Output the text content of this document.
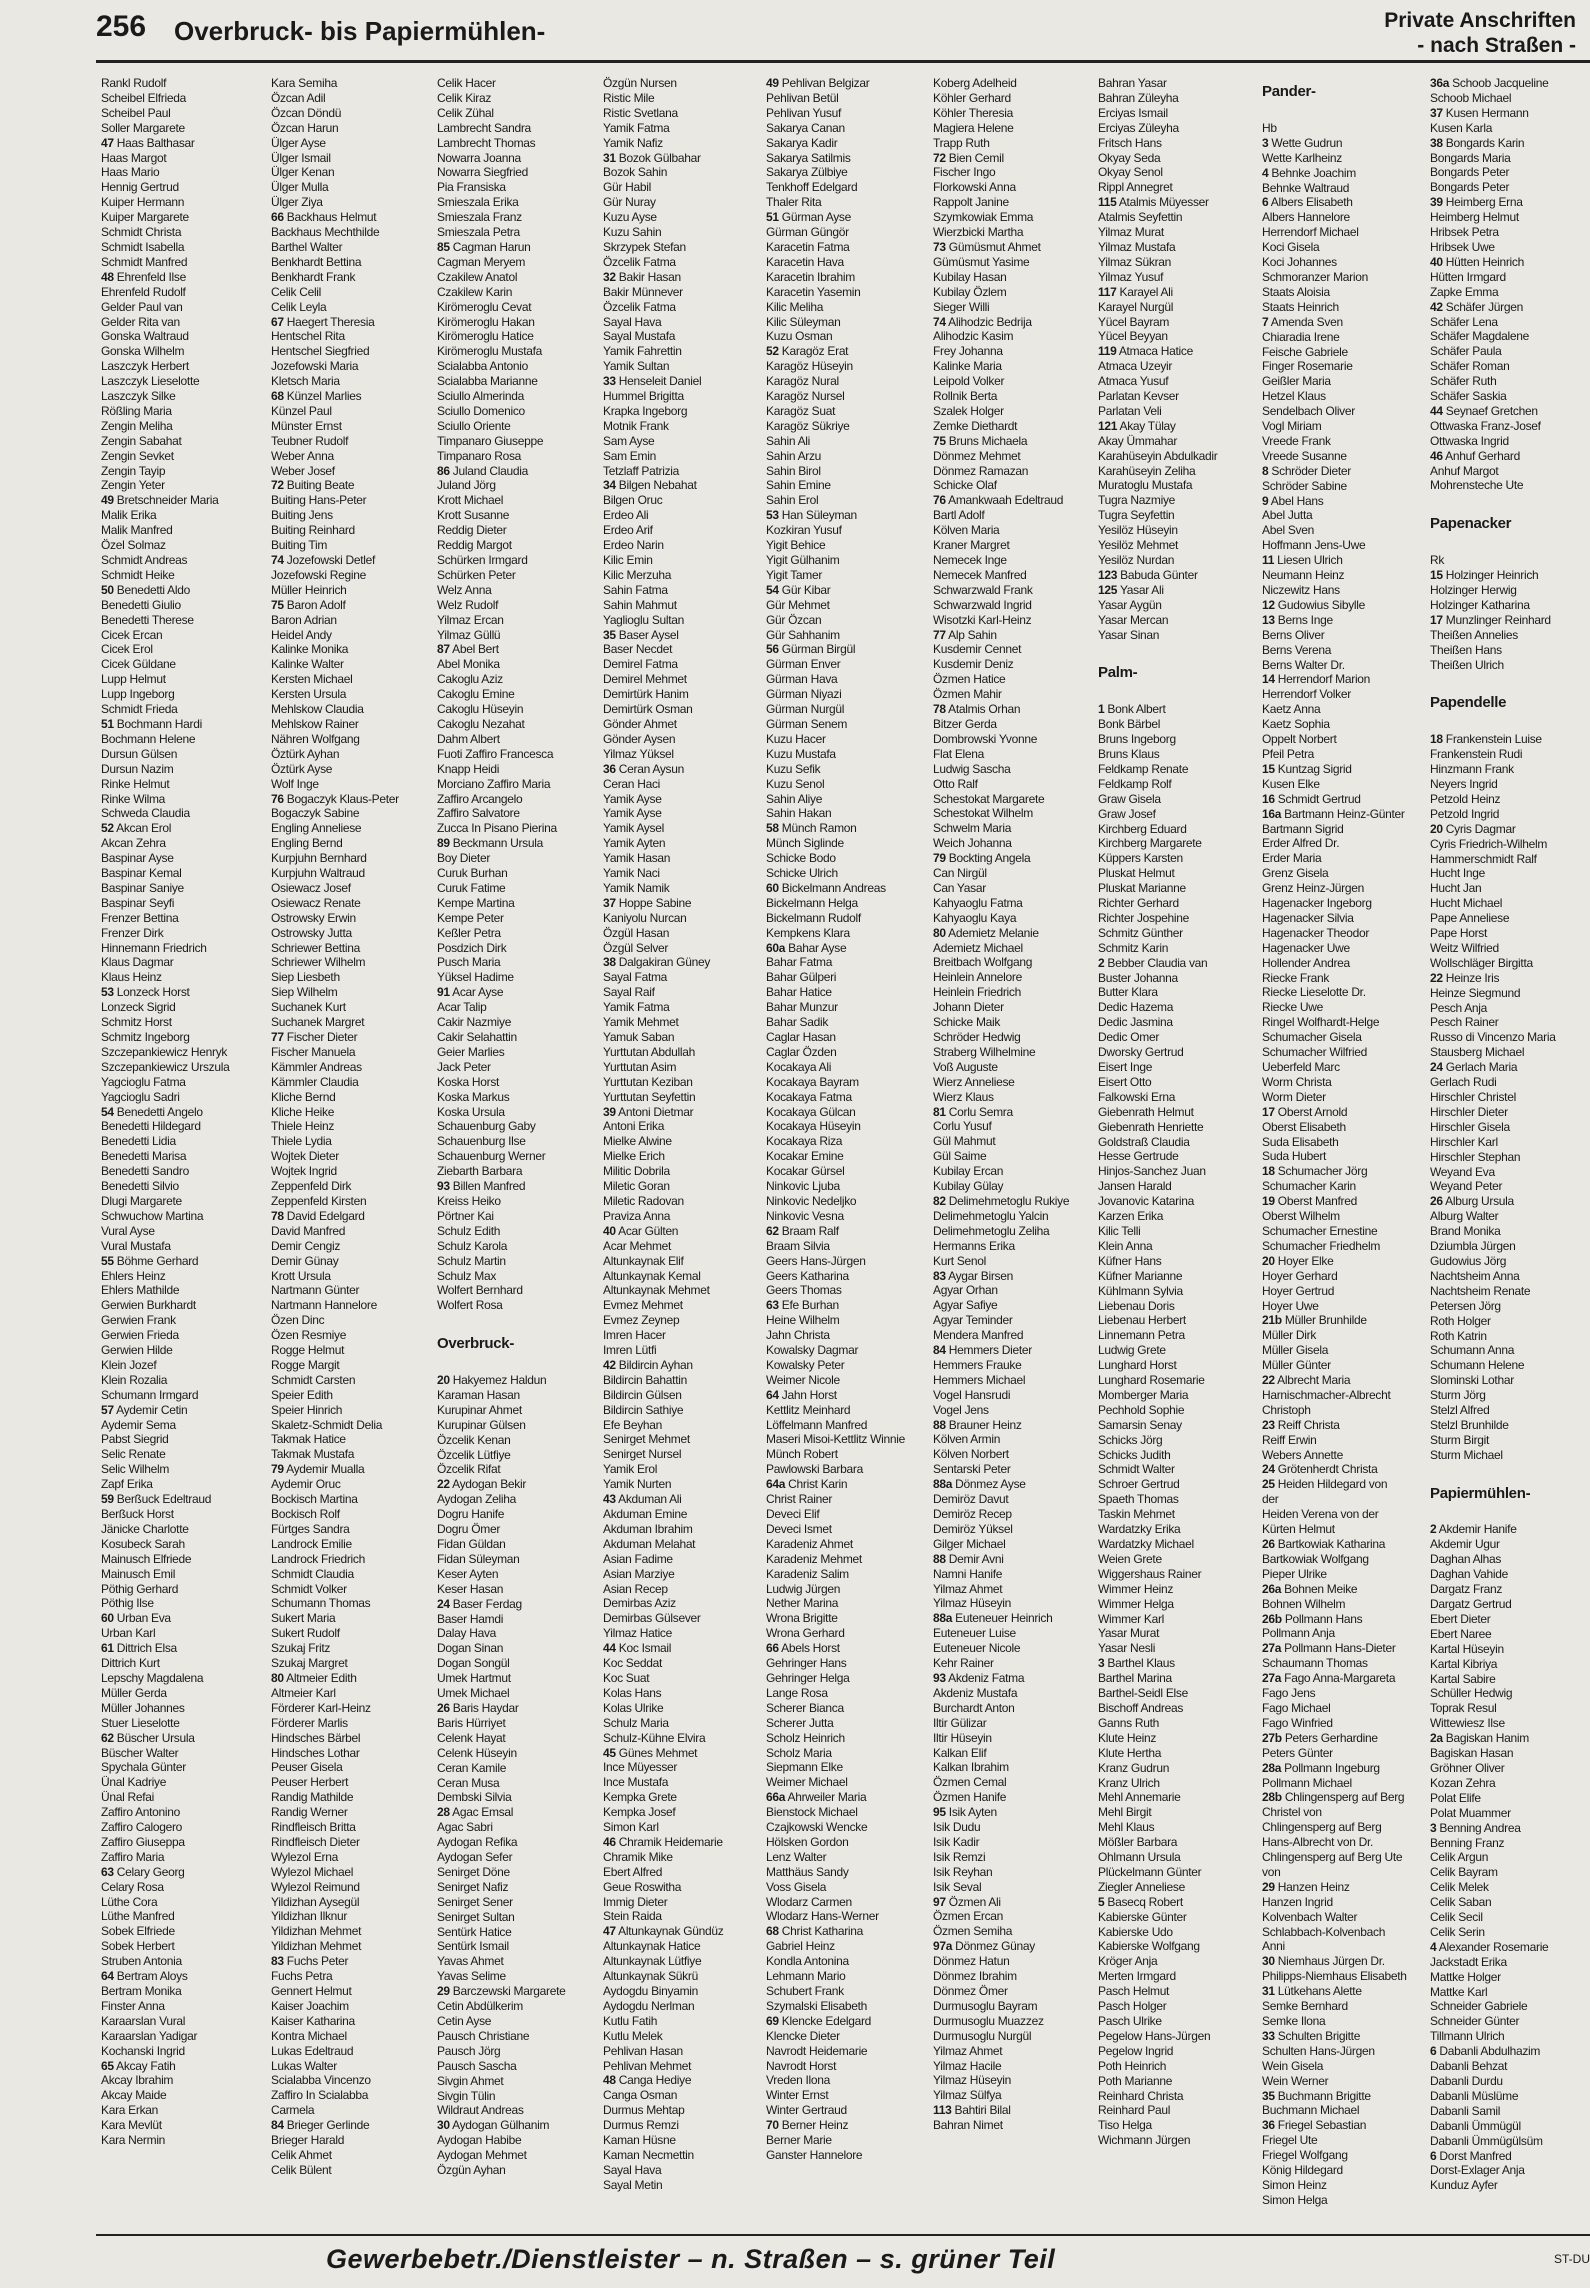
256 Overbruck- bis Papiermühlen-	Private Anschriften
- nach Straßen -
Rankl Rudolf
Scheibel Elfrieda
Scheibel Paul
Soller Margarete
47 Haas Balthasar
Haas Margot
Haas Mario
Hennig Gertrud
Kuiper Hermann
Kuiper Margarete
Schmidt Christa
Schmidt Isabella
Schmidt Manfred
48 Ehrenfeld Ilse
Ehrenfeld Rudolf
Gelder Paul van
Gelder Rita van
Gonska Waltraud
Gonska Wilhelm
Laszczyk Herbert
Laszczyk Lieselotte
Laszczyk Silke
Rößling Maria
Zengin Meliha
Zengin Sabahat
Zengin Sevket
Zengin Tayip
Zengin Yeter
49 Bretschneider Maria
Malik Erika
Malik Manfred
Özel Solmaz
Schmidt Andreas
Schmidt Heike
50 Benedetti Aldo
Benedetti Giulio
Benedetti Therese
Cicek Ercan
Cicek Erol
Cicek Güldane
Lupp Helmut
Lupp Ingeborg
Schmidt Frieda
51 Bochmann Hardi
Bochmann Helene
Dursun Gülsen
Dursun Nazim
Rinke Helmut
Rinke Wilma
Schweda Claudia
52 Akcan Erol
Akcan Zehra
Baspinar Ayse
Baspinar Kemal
Baspinar Saniye
Baspinar Seyfi
Frenzer Bettina
Frenzer Dirk
Hinnemann Friedrich
Klaus Dagmar
Klaus Heinz
53 Lonzeck Horst
Lonzeck Sigrid
Schmitz Horst
Schmitz Ingeborg
Szczepankiewicz Henryk
Szczepankiewicz Urszula
Yagcioglu Fatma
Yagcioglu Sadri
54 Benedetti Angelo
Benedetti Hildegard
Benedetti Lidia
Benedetti Marisa
Benedetti Sandro
Benedetti Silvio
Dlugi Margarete
Schwuchow Martina
Vural Ayse
Vural Mustafa
55 Böhme Gerhard
Ehlers Heinz
Ehlers Mathilde
Gerwien Burkhardt
Gerwien Frank
Gerwien Frieda
Gerwien Hilde
Klein Jozef
Klein Rozalia
Schumann Irmgard
57 Aydemir Cetin
Aydemir Sema
Pabst Siegrid
Selic Renate
Selic Wilhelm
Zapf Erika
59 Berßuck Edeltraud
Berßuck Horst
Jänicke Charlotte
Kosubeck Sarah
Mainusch Elfriede
Mainusch Emil
Pöthig Gerhard
Pöthig Ilse
60 Urban Eva
Urban Karl
61 Dittrich Elsa
Dittrich Kurt
Lepschy Magdalena
Müller Gerda
Müller Johannes
Stuer Lieselotte
62 Büscher Ursula
Büscher Walter
Spychala Günter
Ünal Kadriye
Ünal Refai
Zaffiro Antonino
Zaffiro Calogero
Zaffiro Giuseppa
Zaffiro Maria
63 Celary Georg
Celary Rosa
Lüthe Cora
Lüthe Manfred
Sobek Elfriede
Sobek Herbert
Struben Antonia
64 Bertram Aloys
Bertram Monika
Finster Anna
Karaarslan Vural
Karaarslan Yadigar
Kochanski Ingrid
65 Akcay Fatih
Akcay Ibrahim
Akcay Maide
Kara Erkan
Kara Mevlüt
Kara Nermin
Kara Semiha
Özcan Adil
Özcan Döndü
Özcan Harun
Ülger Ayse
Ülger Ismail
Ülger Kenan
Ülger Mulla
Ülger Ziya
66 Backhaus Helmut
Backhaus Mechthilde
Barthel Walter
Benkhardt Bettina
Benkhardt Frank
Celik Celil
Celik Leyla
67 Haegert Theresia
Hentschel Rita
Hentschel Siegfried
Jozefowski Maria
Kletsch Maria
68 Künzel Marlies
Künzel Paul
Münster Ernst
Teubner Rudolf
Weber Anna
Weber Josef
72 Buiting Beate
Buiting Hans-Peter
Buiting Jens
Buiting Reinhard
Buiting Tim
74 Jozefowski Detlef
Jozefowski Regine
Müller Heinrich
75 Baron Adolf
Baron Adrian
Heidel Andy
Kalinke Monika
Kalinke Walter
Kersten Michael
Kersten Ursula
Mehlskow Claudia
Mehlskow Rainer
Nähren Wolfgang
Öztürk Ayhan
Öztürk Ayse
Wolf Inge
76 Bogaczyk Klaus-Peter
Bogaczyk Sabine
Engling Anneliese
Engling Bernd
Kurpjuhn Bernhard
Kurpjuhn Waltraud
Osiewacz Josef
Osiewacz Renate
Ostrowsky Erwin
Ostrowsky Jutta
Schriewer Bettina
Schriewer Wilhelm
Siep Liesbeth
Siep Wilhelm
Suchanek Kurt
Suchanek Margret
77 Fischer Dieter
Fischer Manuela
Kämmler Andreas
Kämmler Claudia
Kliche Bernd
Kliche Heike
Thiele Heinz
Thiele Lydia
Wojtek Dieter
Wojtek Ingrid
Zeppenfeld Dirk
Zeppenfeld Kirsten
78 David Edelgard
David Manfred
Demir Cengiz
Demir Günay
Krott Ursula
Nartmann Günter
Nartmann Hannelore
Özen Dinc
Özen Resmiye
Rogge Helmut
Rogge Margit
Schmidt Carsten
Speier Edith
Speier Hinrich
Skaletz-Schmidt Delia
Takmak Hatice
Takmak Mustafa
79 Aydemir Mualla
Aydemir Oruc
Bockisch Martina
Bockisch Rolf
Fürtges Sandra
Landrock Emilie
Landrock Friedrich
Schmidt Claudia
Schmidt Volker
Schumann Thomas
Sukert Maria
Sukert Rudolf
Szukaj Fritz
Szukaj Margret
80 Altmeier Edith
Altmeier Karl
Förderer Karl-Heinz
Förderer Marlis
Hindsches Bärbel
Hindsches Lothar
Peuser Gisela
Peuser Herbert
Randig Mathilde
Randig Werner
Rindfleisch Britta
Rindfleisch Dieter
Wylezol Erna
Wylezol Michael
Wylezol Reimund
Yildizhan Aysegül
Yildizhan Ilknur
Yildizhan Mehmet
Yildizhan Mehmet
83 Fuchs Peter
Fuchs Petra
Gennert Helmut
Kaiser Joachim
Kaiser Katharina
Kontra Michael
Lukas Edeltraud
Lukas Walter
Scialabba Vincenzo
Zaffiro In Scialabba
Carmela
84 Brieger Gerlinde
Brieger Harald
Celik Ahmet
Celik Bülent
Celik Hacer
Celik Kiraz
Celik Zühal
Lambrecht Sandra
Lambrecht Thomas
Nowarra Joanna
Nowarra Siegfried
Pia Fransiska
Smieszala Erika
Smieszala Franz
Smieszala Petra
85 Cagman Harun
Cagman Meryem
Czakilew Anatol
Czakilew Karin
Kirömeroglu Cevat
Kirömeroglu Hakan
Kirömeroglu Hatice
Kirömeroglu Mustafa
Scialabba Antonio
Scialabba Marianne
Sciullo Almerinda
Sciullo Domenico
Sciullo Oriente
Timpanaro Giuseppe
Timpanaro Rosa
86 Juland Claudia
Juland Jörg
Krott Michael
Krott Susanne
Reddig Dieter
Reddig Margot
Schürken Irmgard
Schürken Peter
Welz Anna
Welz Rudolf
Yilmaz Ercan
Yilmaz Güllü
87 Abel Bert
Abel Monika
Cakoglu Aziz
Cakoglu Emine
Cakoglu Hüseyin
Cakoglu Nezahat
Dahm Albert
Fuoti Zaffiro Francesca
Knapp Heidi
Morciano Zaffiro Maria
Zaffiro Arcangelo
Zaffiro Salvatore
Zucca In Pisano Pierina
89 Beckmann Ursula
Boy Dieter
Curuk Burhan
Curuk Fatime
Kempe Martina
Kempe Peter
Keßler Petra
Posdzich Dirk
Pusch Maria
Yüksel Hadime
91 Acar Ayse
Acar Talip
Cakir Nazmiye
Cakir Selahattin
Geier Marlies
Jack Peter
Koska Horst
Koska Markus
Koska Ursula
Schauenburg Gaby
Schauenburg Ilse
Schauenburg Werner
Ziebarth Barbara
93 Billen Manfred
Kreiss Heiko
Pörtner Kai
Schulz Edith
Schulz Karola
Schulz Martin
Schulz Max
Wolfert Bernhard
Wolfert Rosa

Overbruck-

20 Hakyemez Haldun
Karaman Hasan
Kurupinar Ahmet
Kurupinar Gülsen
Özcelik Kenan
Özcelik Lütfiye
Özcelik Rifat
22 Aydogan Bekir
Aydogan Zeliha
Dogru Hanife
Dogru Ömer
Fidan Güldan
Fidan Süleyman
Keser Ayten
Keser Hasan
24 Baser Ferdag
Baser Hamdi
Dalay Hava
Dogan Sinan
Dogan Songül
Umek Hartmut
Umek Michael
26 Baris Haydar
Baris Hürriyet
Celenk Hayat
Celenk Hüseyin
Ceran Kamile
Ceran Musa
Dembski Silvia
28 Agac Emsal
Agac Sabri
Aydogan Refika
Aydogan Sefer
Senirget Döne
Senirget Nafiz
Senirget Sener
Senirget Sultan
Sentürk Hatice
Sentürk Ismail
Yavas Ahmet
Yavas Selime
29 Barczewski Margarete
Cetin Abdülkerim
Cetin Ayse
Pausch Christiane
Pausch Jörg
Pausch Sascha
Sivgin Ahmet
Sivgin Tülin
Wildraut Andreas
30 Aydogan Gülhanim
Aydogan Habibe
Aydogan Mehmet
Özgün Ayhan
Özgün Nursen
Ristic Mile
Ristic Svetlana
Yamik Fatma
Yamik Nafiz
31 Bozok Gülbahar
Bozok Sahin
Gür Habil
Gür Nuray
Kuzu Ayse
Kuzu Sahin
Skrzypek Stefan
Özcelik Fatma
32 Bakir Hasan
Bakir Münnever
Özcelik Fatma
Sayal Hava
Sayal Mustafa
Yamik Fahrettin
Yamik Sultan
33 Henseleit Daniel
Hummel Brigitta
Krapka Ingeborg
Motnik Frank
Sam Ayse
Sam Emin
Tetzlaff Patrizia
34 Bilgen Nebahat
Bilgen Oruc
Erdeo Ali
Erdeo Arif
Erdeo Narin
Kilic Emin
Kilic Merzuha
Sahin Fatma
Sahin Mahmut
Yaglioglu Sultan
35 Baser Aysel
Baser Necdet
Demirel Fatma
Demirel Mehmet
Demirtürk Hanim
Demirtürk Osman
Gönder Ahmet
Gönder Aysen
Yilmaz Yüksel
36 Ceran Aysun
Ceran Haci
Yamik Ayse
Yamik Ayse
Yamik Aysel
Yamik Ayten
Yamik Hasan
Yamik Naci
Yamik Namik
37 Hoppe Sabine
Kaniyolu Nurcan
Özgül Hasan
Özgül Selver
38 Dalgakiran Güney
Sayal Fatma
Sayal Raif
Yamik Fatma
Yamik Mehmet
Yamuk Saban
Yurttutan Abdullah
Yurttutan Asim
Yurttutan Keziban
Yurttutan Seyfettin
39 Antoni Dietmar
Antoni Erika
Mielke Alwine
Mielke Erich
Militic Dobrila
Miletic Goran
Miletic Radovan
Praviza Anna
40 Acar Gülten
Acar Mehmet
Altunkaynak Elif
Altunkaynak Kemal
Altunkaynak Mehmet
Evmez Mehmet
Evmez Zeynep
Imren Hacer
Imren Lütfi
42 Bildircin Ayhan
Bildircin Bahattin
Bildircin Gülsen
Bildircin Sathiye
Efe Beyhan
Senirget Mehmet
Senirget Nursel
Yamik Erol
Yamik Nurten
43 Akduman Ali
Akduman Emine
Akduman Ibrahim
Akduman Melahat
Asian Fadime
Asian Marziye
Asian Recep
Demirbas Aziz
Demirbas Gülsever
Yilmaz Hatice
44 Koc Ismail
Koc Seddat
Koc Suat
Kolas Hans
Kolas Ulrike
Schulz Maria
Schulz-Kühne Elvira
45 Günes Mehmet
Ince Müyesser
Ince Mustafa
Kempka Grete
Kempka Josef
Simon Karl
46 Chramik Heidemarie
Chramik Mike
Ebert Alfred
Geue Roswitha
Immig Dieter
Stein Raida
47 Altunkaynak Gündüz
Altunkaynak Hatice
Altunkaynak Lütfiye
Altunkaynak Sükrü
Aydogdu Binyamin
Aydogdu Nerlman
Kutlu Fatih
Kutlu Melek
Pehlivan Hasan
Pehlivan Mehmet
48 Canga Hediye
Canga Osman
Durmus Mehtap
Durmus Remzi
Kaman Hüsne
Kaman Necmettin
Sayal Hava
Sayal Metin
49 Pehlivan Belgizar
Pehlivan Betül
Pehlivan Yusuf
Sakarya Canan
Sakarya Kadir
Sakarya Satilmis
Sakarya Zülbiye
Tenkhoff Edelgard
Thaler Rita
51 Gürman Ayse
Gürman Güngör
Karacetin Fatma
Karacetin Hava
Karacetin Ibrahim
Karacetin Yasemin
Kilic Meliha
Kilic Süleyman
Kuzu Osman
52 Karagöz Erat
Karagöz Hüseyin
Karagöz Nural
Karagöz Nursel
Karagöz Suat
Karagöz Sükriye
Sahin Ali
Sahin Arzu
Sahin Birol
Sahin Emine
Sahin Erol
53 Han Süleyman
Kozkiran Yusuf
Yigit Behice
Yigit Gülhanim
Yigit Tamer
54 Gür Kibar
Gür Mehmet
Gür Özcan
Gür Sahhanim
56 Gürman Birgül
Gürman Enver
Gürman Hava
Gürman Niyazi
Gürman Nurgül
Gürman Senem
Kuzu Hacer
Kuzu Mustafa
Kuzu Sefik
Kuzu Senol
Sahin Aliye
Sahin Hakan
58 Münch Ramon
Münch Siglinde
Schicke Bodo
Schicke Ulrich
60 Bickelmann Andreas
Bickelmann Helga
Bickelmann Rudolf
Kempkens Klara
60a Bahar Ayse
Bahar Fatma
Bahar Gülperi
Bahar Hatice
Bahar Munzur
Bahar Sadik
Caglar Hasan
Caglar Özden
Kocakaya Ali
Kocakaya Bayram
Kocakaya Fatma
Kocakaya Gülcan
Kocakaya Hüseyin
Kocakaya Riza
Kocakar Emine
Kocakar Gürsel
Ninkovic Ljuba
Ninkovic Nedeljko
Ninkovic Vesna
62 Braam Ralf
Braam Silvia
Geers Hans-Jürgen
Geers Katharina
Geers Thomas
63 Efe Burhan
Heine Wilhelm
Jahn Christa
Kowalsky Dagmar
Kowalsky Peter
Weimer Nicole
64 Jahn Horst
Kettlitz Meinhard
Löffelmann Manfred
Maseri Misoi-Kettlitz Winnie
Münch Robert
Pawlowski Barbara
64a Christ Karin
Christ Rainer
Deveci Elif
Deveci Ismet
Karadeniz Ahmet
Karadeniz Mehmet
Karadeniz Salim
Ludwig Jürgen
Nether Marina
Wrona Brigitte
Wrona Gerhard
66 Abels Horst
Gehringer Hans
Gehringer Helga
Lange Rosa
Scherer Bianca
Scherer Jutta
Scholz Heinrich
Scholz Maria
Siepmann Elke
Weimer Michael
66a Ahrweiler Maria
Bienstock Michael
Czajkowski Wencke
Hölsken Gordon
Lenz Walter
Matthäus Sandy
Voss Gisela
Wlodarz Carmen
Wlodarz Hans-Werner
68 Christ Katharina
Gabriel Heinz
Kondla Antonina
Lehmann Mario
Schubert Frank
Szymalski Elisabeth
69 Klencke Edelgard
Klencke Dieter
Navrodt Heidemarie
Navrodt Horst
Vreden Ilona
Winter Ernst
Winter Gertraud
70 Berner Heinz
Berner Marie
Ganster Hannelore
Koberg Adelheid
Köhler Gerhard
Köhler Theresia
Magiera Helene
Trapp Ruth
72 Bien Cemil
Fischer Ingo
Florkowski Anna
Rappolt Janine
Szymkowiak Emma
Wierzbicki Martha
73 Gümüsmut Ahmet
Gümüsmut Yasime
Kubilay Hasan
Kubilay Özlem
Sieger Willi
74 Alihodzic Bedrija
Alihodzic Kasim
Frey Johanna
Kalinke Maria
Leipold Volker
Rollnik Berta
Szalek Holger
Zemke Diethardt
75 Bruns Michaela
Dönmez Mehmet
Dönmez Ramazan
Schicke Olaf
76 Amankwaah Edeltraud
Bartl Adolf
Kölven Maria
Kraner Margret
Nemecek Inge
Nemecek Manfred
Schwarzwald Frank
Schwarzwald Ingrid
Wisotzki Karl-Heinz
77 Alp Sahin
Kusdemir Cennet
Kusdemir Deniz
Özmen Hatice
Özmen Mahir
78 Atalmis Orhan
Bitzer Gerda
Dombrowski Yvonne
Flat Elena
Ludwig Sascha
Otto Ralf
Schestokat Margarete
Schestokat Wilhelm
Schwelm Maria
Weich Johanna
79 Bockting Angela
Can Nirgül
Can Yasar
Kahyaoglu Fatma
Kahyaoglu Kaya
80 Ademietz Melanie
Ademietz Michael
Breitbach Wolfgang
Heinlein Annelore
Heinlein Friedrich
Johann Dieter
Schicke Maik
Schröder Hedwig
Straberg Wilhelmine
Voß Auguste
Wierz Anneliese
Wierz Klaus
81 Corlu Semra
Corlu Yusuf
Gül Mahmut
Gül Saime
Kubilay Ercan
Kubilay Gülay
82 Delimehmetoglu Rukiye
Delimehmetoglu Yalcin
Delimehmetoglu Zeliha
Hermanns Erika
Kurt Senol
83 Aygar Birsen
Agyar Orhan
Agyar Safiye
Agyar Teminder
Mendera Manfred
84 Hemmers Dieter
Hemmers Frauke
Hemmers Michael
Vogel Hansrudi
Vogel Jens
88 Brauner Heinz
Kölven Armin
Kölven Norbert
Sentarski Peter
88a Dönmez Ayse
Demiröz Davut
Demiröz Recep
Demiröz Yüksel
Gilger Michael
88 Demir Avni
Namni Hanife
Yilmaz Ahmet
Yilmaz Hüseyin
88a Euteneuer Heinrich
Euteneuer Luise
Euteneuer Nicole
Kehr Rainer
93 Akdeniz Fatma
Akdeniz Mustafa
Burchardt Anton
Iltir Gülizar
Iltir Hüseyin
Kalkan Elif
Kalkan Ibrahim
Özmen Cemal
Özmen Hanife
95 Isik Ayten
Isik Dudu
Isik Kadir
Isik Remzi
Isik Reyhan
Isik Seval
97 Özmen Ali
Özmen Ercan
Özmen Semiha
97a Dönmez Günay
Dönmez Hatun
Dönmez Ibrahim
Dönmez Ömer
Durmusoglu Bayram
Durmusoglu Muazzez
Durmusoglu Nurgül
Yilmaz Ahmet
Yilmaz Hacile
Yilmaz Hüseyin
Yilmaz Sülfya
113 Bahtiri Bilal
Bahran Nimet
Bahran Yasar
Bahran Züleyha
Erciyas Ismail
Erciyas Züleyha
Fritsch Hans
Okyay Seda
Okyay Senol
Rippl Annegret
115 Atalmis Müyesser
Atalmis Seyfettin
Yilmaz Murat
Yilmaz Mustafa
Yilmaz Sükran
Yilmaz Yusuf
117 Karayel Ali
Karayel Nurgül
Yücel Bayram
Yücel Beyyan
119 Atmaca Hatice
Atmaca Uzeyir
Atmaca Yusuf
Parlatan Kevser
Parlatan Veli
121 Akay Tülay
Akay Ümmahar
Karahüseyin Abdulkadir
Karahüseyin Zeliha
Muratoglu Mustafa
Tugra Nazmiye
Tugra Seyfettin
Yesilöz Hüseyin
Yesilöz Mehmet
Yesilöz Nurdan
123 Babuda Günter
125 Yasar Ali
Yasar Aygün
Yasar Mercan
Yasar Sinan

Palm-

1 Bonk Albert
Bonk Bärbel
Bruns Ingeborg
Bruns Klaus
Feldkamp Renate
Feldkamp Rolf
Graw Gisela
Graw Josef
Kirchberg Eduard
Kirchberg Margarete
Küppers Karsten
Pluskat Helmut
Pluskat Marianne
Richter Gerhard
Richter Jospehine
Schmitz Günther
Schmitz Karin
2 Bebber Claudia van
Buster Johanna
Butter Klara
Dedic Hazema
Dedic Jasmina
Dedic Omer
Dworsky Gertrud
Eisert Inge
Eisert Otto
Falkowski Erna
Giebenrath Helmut
Giebenrath Henriette
Goldstraß Claudia
Hesse Gertrude
Hinjos-Sanchez Juan
Jansen Harald
Jovanovic Katarina
Karzen Erika
Kilic Telli
Klein Anna
Küfner Hans
Küfner Marianne
Kühlmann Sylvia
Liebenau Doris
Liebenau Herbert
Linnemann Petra
Ludwig Grete
Lunghard Horst
Lunghard Rosemarie
Momberger Maria
Pechhold Sophie
Samarsin Senay
Schicks Jörg
Schicks Judith
Schmidt Walter
Schroer Gertrud
Spaeth Thomas
Taskin Mehmet
Wardatzky Erika
Wardatzky Michael
Weien Grete
Wiggershaus Rainer
Wimmer Heinz
Wimmer Helga
Wimmer Karl
Yasar Murat
Yasar Nesli
3 Barthel Klaus
Barthel Marina
Barthel-Seidl Else
Bischoff Andreas
Ganns Ruth
Klute Heinz
Klute Hertha
Kranz Gudrun
Kranz Ulrich
Mehl Annemarie
Mehl Birgit
Mehl Klaus
Mößler Barbara
Ohlmann Ursula
Plückelmann Günter
Ziegler Anneliese
5 Basecq Robert
Kabierske Günter
Kabierske Udo
Kabierske Wolfgang
Kröger Anja
Merten Irmgard
Pasch Helmut
Pasch Holger
Pasch Ulrike
Pegelow Hans-Jürgen
Pegelow Ingrid
Poth Heinrich
Poth Marianne
Reinhard Christa
Reinhard Paul
Tiso Helga
Wichmann Jürgen
Pander-

Hb
3 Wette Gudrun
Wette Karlheinz
4 Behnke Joachim
Behnke Waltraud
6 Albers Elisabeth
Albers Hannelore
Herrendorf Michael
Koci Gisela
Koci Johannes
Schmoranzer Marion
Staats Aloisia
Staats Heinrich
7 Amenda Sven
Chiaradia Irene
Feische Gabriele
Finger Rosemarie
Geißler Maria
Hetzel Klaus
Sendelbach Oliver
Vogl Miriam
Vreede Frank
Vreede Susanne
8 Schröder Dieter
Schröder Sabine
9 Abel Hans
Abel Jutta
Abel Sven
Hoffmann Jens-Uwe
11 Liesen Ulrich
Neumann Heinz
Niczewitz Hans
12 Gudowius Sibylle
13 Berns Inge
Berns Oliver
Berns Verena
Berns Walter Dr.
14 Herrendorf Marion
Herrendorf Volker
Kaetz Anna
Kaetz Sophia
Oppelt Norbert
Pfeil Petra
15 Kuntzag Sigrid
Kusen Elke
16 Schmidt Gertrud
16a Bartmann Heinz-Günter
Bartmann Sigrid
Erder Alfred Dr.
Erder Maria
Grenz Gisela
Grenz Heinz-Jürgen
Hagenacker Ingeborg
Hagenacker Silvia
Hagenacker Theodor
Hagenacker Uwe
Hollender Andrea
Riecke Frank
Riecke Lieselotte Dr.
Riecke Uwe
Ringel Wolfhardt-Helge
Schumacher Gisela
Schumacher Wilfried
Ueberfeld Marc
Worm Christa
Worm Dieter
17 Oberst Arnold
Oberst Elisabeth
Suda Elisabeth
Suda Hubert
18 Schumacher Jörg
Schumacher Karin
19 Oberst Manfred
Oberst Wilhelm
Schumacher Ernestine
Schumacher Friedhelm
20 Hoyer Elke
Hoyer Gerhard
Hoyer Gertrud
Hoyer Uwe
21b Müller Brunhilde
Müller Dirk
Müller Gisela
Müller Günter
22 Albrecht Maria
Harnischmacher-Albrecht
Christoph
23 Reiff Christa
Reiff Erwin
Webers Annette
24 Grötenherdt Christa
25 Heiden Hildegard von
der
Heiden Verena von der
Kürten Helmut
26 Bartkowiak Katharina
Bartkowiak Wolfgang
Pieper Ulrike
26a Bohnen Meike
Bohnen Wilhelm
26b Pollmann Hans
Pollmann Anja
27a Pollmann Hans-Dieter
Schaumann Thomas
27a Fago Anna-Margareta
Fago Jens
Fago Michael
Fago Winfried
27b Peters Gerhardine
Peters Günter
28a Pollmann Ingeburg
Pollmann Michael
28b Chlingensperg auf Berg
Christel von
Chlingensperg auf Berg
Hans-Albrecht von Dr.
Chlingensperg auf Berg Ute
von
29 Hanzen Heinz
Hanzen Ingrid
Kolvenbach Walter
Schlabbach-Kolvenbach
Anni
30 Niemhaus Jürgen Dr.
Philipps-Niemhaus Elisabeth
31 Lütkehans Alette
Semke Bernhard
Semke Ilona
33 Schulten Brigitte
Schulten Hans-Jürgen
Wein Gisela
Wein Werner
35 Buchmann Brigitte
Buchmann Michael
36 Friegel Sebastian
Friegel Ute
Friegel Wolfgang
König Hildegard
Simon Heinz
Simon Helga
36a Schoob Jacqueline
Schoob Michael
37 Kusen Hermann
Kusen Karla
38 Bongards Karin
Bongards Maria
Bongards Peter
Bongards Peter
39 Heimberg Erna
Heimberg Helmut
Hribsek Petra
Hribsek Uwe
40 Hütten Heinrich
Hütten Irmgard
Zapke Emma
42 Schäfer Jürgen
Schäfer Lena
Schäfer Magdalene
Schäfer Paula
Schäfer Roman
Schäfer Ruth
Schäfer Saskia
44 Seynaef Gretchen
Ottwaska Franz-Josef
Ottwaska Ingrid
46 Anhuf Gerhard
Anhuf Margot
Mohrensteche Ute

Papenacker

Rk
15 Holzinger Heinrich
Holzinger Herwig
Holzinger Katharina
17 Munzlinger Reinhard
Theißen Annelies
Theißen Hans
Theißen Ulrich

Papendelle

18 Frankenstein Luise
Frankenstein Rudi
Hinzmann Frank
Neyers Ingrid
Petzold Heinz
Petzold Ingrid
20 Cyris Dagmar
Cyris Friedrich-Wilhelm
Hammerschmidt Ralf
Hucht Inge
Hucht Jan
Hucht Michael
Pape Anneliese
Pape Horst
Weitz Wilfried
Wollschläger Birgitta
22 Heinze Iris
Heinze Siegmund
Pesch Anja
Pesch Rainer
Russo di Vincenzo Maria
Stausberg Michael
24 Gerlach Maria
Gerlach Rudi
Hirschler Christel
Hirschler Dieter
Hirschler Gisela
Hirschler Karl
Hirschler Stephan
Weyand Eva
Weyand Peter
26 Alburg Ursula
Alburg Walter
Brand Monika
Dziumbla Jürgen
Gudowius Jörg
Nachtsheim Anna
Nachtsheim Renate
Petersen Jörg
Roth Holger
Roth Katrin
Schumann Anna
Schumann Helene
Slominski Lothar
Sturm Jörg
Stelzl Alfred
Stelzl Brunhilde
Sturm Birgit
Sturm Michael

Papiermühlen-

2 Akdemir Hanife
Akdemir Ugur
Daghan Alhas
Daghan Vahide
Dargatz Franz
Dargatz Gertrud
Ebert Dieter
Ebert Naree
Kartal Hüseyin
Kartal Kibriya
Kartal Sabire
Schüller Hedwig
Toprak Resul
Wittewiesz Ilse
2a Bagiskan Hanim
Bagiskan Hasan
Gröhner Oliver
Kozan Zehra
Polat Elife
Polat Muammer
3 Benning Andrea
Benning Franz
Celik Argun
Celik Bayram
Celik Melek
Celik Saban
Celik Secil
Celik Serin
4 Alexander Rosemarie
Jackstadt Erika
Mattke Holger
Mattke Karl
Schneider Gabriele
Schneider Günter
Tillmann Ulrich
6 Dabanli Abdulhazim
Dabanli Behzat
Dabanli Durdu
Dabanli Müslüme
Dabanli Samil
Dabanli Ümmügül
Dabanli Ümmügülsüm
6 Dorst Manfred
Dorst-Exlager Anja
Kunduz Ayfer
Gewerbebetr./Dienstleister – n. Straßen – s. grüner Teil	ST-DU
